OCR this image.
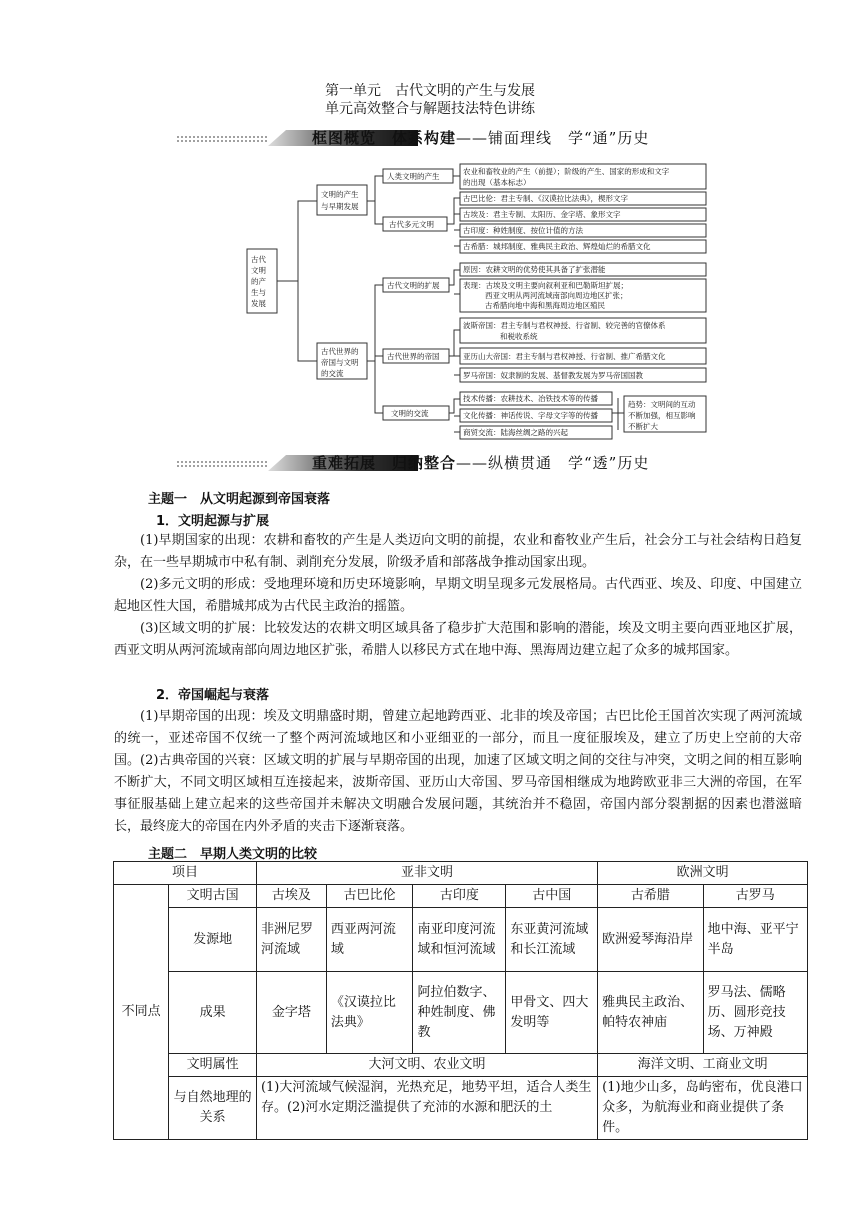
第一单元　古代文明的产生与发展
单元高效整合与解题技法特色讲练
框图概览　体系构建——铺面理线　学“通”历史
古代
文明
的产
生与
发展
文明的产生
与早期发展
古代世界的
帝国与文明
的交流
人类文明的产生
古代多元文明
古代文明的扩展
古代世界的帝国
文明的交流
农业和畜牧业的产生（前提）；阶级的产生、国家的形成和文字
的出现（基本标志）
古巴比伦：君主专制、《汉谟拉比法典》，楔形文字
古埃及：君主专制、太阳历、金字塔、象形文字
古印度：种姓制度、按位计值的方法
古希腊：城邦制度、雅典民主政治、辉煌灿烂的希腊文化
原因：农耕文明的优势使其具备了扩张潜能
表现：古埃及文明主要向叙利亚和巴勒斯坦扩展；
西亚文明从两河流域南部向周边地区扩张；
古希腊向地中海和黑海周边地区殖民
波斯帝国：君主专制与君权神授、行省制、较完善的官僚体系
和税收系统
亚历山大帝国：君主专制与君权神授、行省制、推广希腊文化
罗马帝国：奴隶制的发展、基督教发展为罗马帝国国教
技术传播：农耕技术、冶铁技术等的传播
文化传播：神话传说、字母文字等的传播
商贸交流：陆海丝绸之路的兴起
趋势：文明间的互动
不断加强，相互影响
不断扩大
重难拓展　归纳整合——纵横贯通　学“透”历史
主题一　从文明起源到帝国衰落
1．文明起源与扩展
(1)早期国家的出现：农耕和畜牧的产生是人类迈向文明的前提，农业和畜牧业产生后，社会分工与社会结构日趋复杂，在一些早期城市中私有制、剥削充分发展，阶级矛盾和部落战争推动国家出现。
(2)多元文明的形成：受地理环境和历史环境影响，早期文明呈现多元发展格局。古代西亚、埃及、印度、中国建立起地区性大国，希腊城邦成为古代民主政治的摇篮。
(3)区域文明的扩展：比较发达的农耕文明区域具备了稳步扩大范围和影响的潜能，埃及文明主要向西亚地区扩展，西亚文明从两河流域南部向周边地区扩张，希腊人以移民方式在地中海、黑海周边建立起了众多的城邦国家。
2．帝国崛起与衰落
(1)早期帝国的出现：埃及文明鼎盛时期，曾建立起地跨西亚、北非的埃及帝国；古巴比伦王国首次实现了两河流域的统一，亚述帝国不仅统一了整个两河流域地区和小亚细亚的一部分，而且一度征服埃及，建立了历史上空前的大帝国。 (2)古典帝国的兴衰：区域文明的扩展与早期帝国的出现，加速了区域文明之间的交往与冲突，文明之间的相互影响不断扩大，不同文明区域相互连接起来，波斯帝国、亚历山大帝国、罗马帝国相继成为地跨欧亚非三大洲的帝国，在军事征服基础上建立起来的这些帝国并未解决文明融合发展问题，其统治并不稳固，帝国内部分裂割据的因素也潜滋暗长，最终庞大的帝国在内外矛盾的夹击下逐渐衰落。
主题二　早期人类文明的比较
项目		亚非文明				欧洲文明	
不同点	文明古国	古埃及	古巴比伦	古印度	古中国	古希腊	古罗马
	发源地	非洲尼罗河流域	西亚两河流域	南亚印度河流域和恒河流域	东亚黄河流域和长江流域	欧洲爱琴海沿岸	地中海、亚平宁半岛
	成果	金字塔	《汉谟拉比法典》	阿拉伯数字、种姓制度、佛教	甲骨文、四大发明等	雅典民主政治、帕特农神庙	罗马法、儒略历、圆形竞技场、万神殿
	文明属性	大河文明、农业文明				海洋文明、工商业文明	
	与自然地理的关系	(1)大河流域气候湿润，光热充足，地势平坦，适合人类生存。(2)河水定期泛滥提供了充沛的水源和肥沃的土				(1)地少山多，岛屿密布，优良港口众多，为航海业和商业提供了条件。	
